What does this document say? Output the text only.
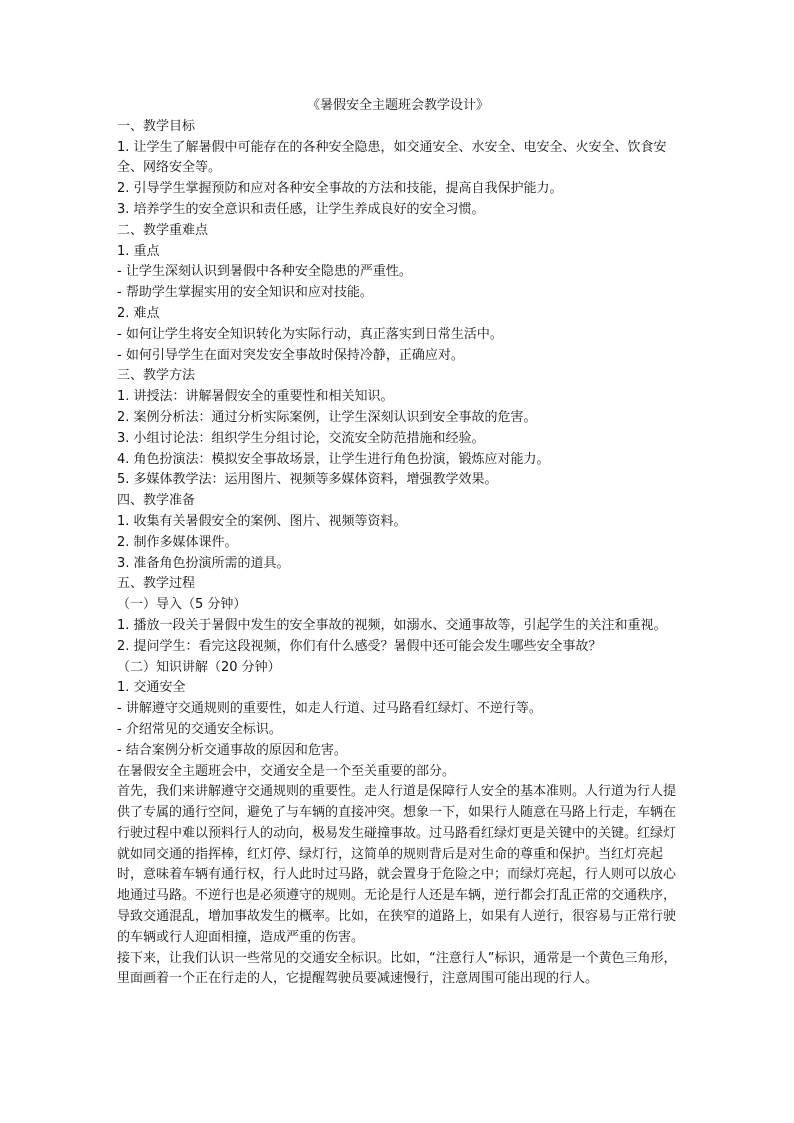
《暑假安全主题班会教学设计》

一、教学目标

1. 让学生了解暑假中可能存在的各种安全隐患，如交通安全、水安全、电安全、火安全、饮食安全、网络安全等。

2. 引导学生掌握预防和应对各种安全事故的方法和技能，提高自我保护能力。

3. 培养学生的安全意识和责任感，让学生养成良好的安全习惯。

二、教学重难点

1. 重点

- 让学生深刻认识到暑假中各种安全隐患的严重性。

- 帮助学生掌握实用的安全知识和应对技能。

2. 难点

- 如何让学生将安全知识转化为实际行动，真正落实到日常生活中。

- 如何引导学生在面对突发安全事故时保持冷静，正确应对。

三、教学方法

1. 讲授法：讲解暑假安全的重要性和相关知识。

2. 案例分析法：通过分析实际案例，让学生深刻认识到安全事故的危害。

3. 小组讨论法：组织学生分组讨论，交流安全防范措施和经验。

4. 角色扮演法：模拟安全事故场景，让学生进行角色扮演，锻炼应对能力。

5. 多媒体教学法：运用图片、视频等多媒体资料，增强教学效果。

四、教学准备

1. 收集有关暑假安全的案例、图片、视频等资料。

2. 制作多媒体课件。

3. 准备角色扮演所需的道具。

五、教学过程

（一）导入（5 分钟）

1. 播放一段关于暑假中发生的安全事故的视频，如溺水、交通事故等，引起学生的关注和重视。

2. 提问学生：看完这段视频，你们有什么感受？暑假中还可能会发生哪些安全事故？

（二）知识讲解（20 分钟）

1. 交通安全

- 讲解遵守交通规则的重要性，如走人行道、过马路看红绿灯、不逆行等。

- 介绍常见的交通安全标识。

- 结合案例分析交通事故的原因和危害。

在暑假安全主题班会中，交通安全是一个至关重要的部分。

首先，我们来讲解遵守交通规则的重要性。走人行道是保障行人安全的基本准则。人行道为行人提供了专属的通行空间，避免了与车辆的直接冲突。想象一下，如果行人随意在马路上行走，车辆在行驶过程中难以预料行人的动向，极易发生碰撞事故。过马路看红绿灯更是关键中的关键。红绿灯就如同交通的指挥棒，红灯停、绿灯行，这简单的规则背后是对生命的尊重和保护。当红灯亮起时，意味着车辆有通行权，行人此时过马路，就会置身于危险之中；而绿灯亮起，行人则可以放心地通过马路。不逆行也是必须遵守的规则。无论是行人还是车辆，逆行都会打乱正常的交通秩序，导致交通混乱，增加事故发生的概率。比如，在狭窄的道路上，如果有人逆行，很容易与正常行驶的车辆或行人迎面相撞，造成严重的伤害。

接下来，让我们认识一些常见的交通安全标识。比如，“注意行人”标识，通常是一个黄色三角形，里面画着一个正在行走的人，它提醒驾驶员要减速慢行，注意周围可能出现的行人。
